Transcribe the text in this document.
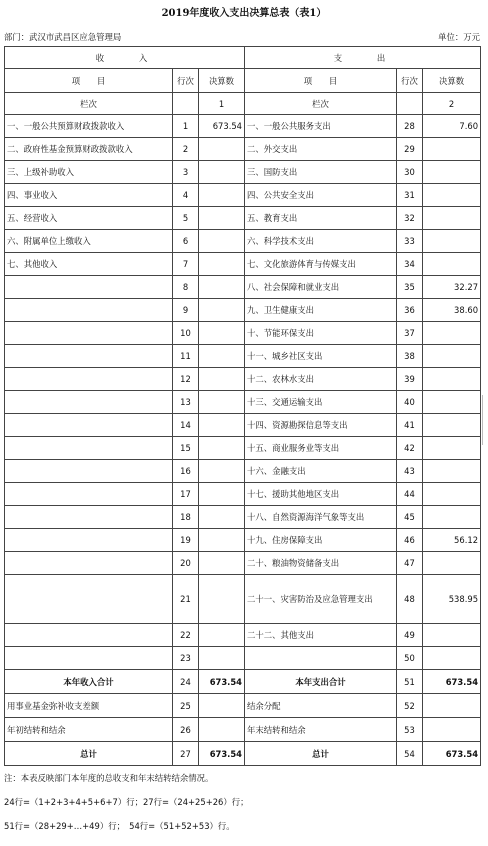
2019年度收入支出决算总表（表1）
部门：武汉市武昌区应急管理局	单位：万元
收　　入			支　　出		
项　　目	行次	决算数	项　　目	行次	决算数
栏次		1	栏次		2
一、一般公共预算财政拨款收入	1	673.54	一、一般公共服务支出	28	7.60
二、政府性基金预算财政拨款收入	2		二、外交支出	29	
三、上级补助收入	3		三、国防支出	30	
四、事业收入	4		四、公共安全支出	31	
五、经营收入	5		五、教育支出	32	
六、附属单位上缴收入	6		六、科学技术支出	33	
七、其他收入	7		七、文化旅游体育与传媒支出	34	
	8		八、社会保障和就业支出	35	32.27
	9		九、卫生健康支出	36	38.60
	10		十、节能环保支出	37	
	11		十一、城乡社区支出	38	
	12		十二、农林水支出	39	
	13		十三、交通运输支出	40	
	14		十四、资源勘探信息等支出	41	
	15		十五、商业服务业等支出	42	
	16		十六、金融支出	43	
	17		十七、援助其他地区支出	44	
	18		十八、自然资源海洋气象等支出	45	
	19		十九、住房保障支出	46	56.12
	20		二十、粮油物资储备支出	47	
	21		二十一、灾害防治及应急管理支出	48	538.95
	22		二十二、其他支出	49	
	23			50	
本年收入合计	24	673.54	本年支出合计	51	673.54
用事业基金弥补收支差额	25		结余分配	52	
年初结转和结余	26		年末结转和结余	53	
总计	27	673.54	总计	54	673.54
注：本表反映部门本年度的总收支和年末结转结余情况。
24行=（1+2+3+4+5+6+7）行；27行=（24+25+26）行；
51行=（28+29+…+49）行；　54行=（51+52+53）行。
